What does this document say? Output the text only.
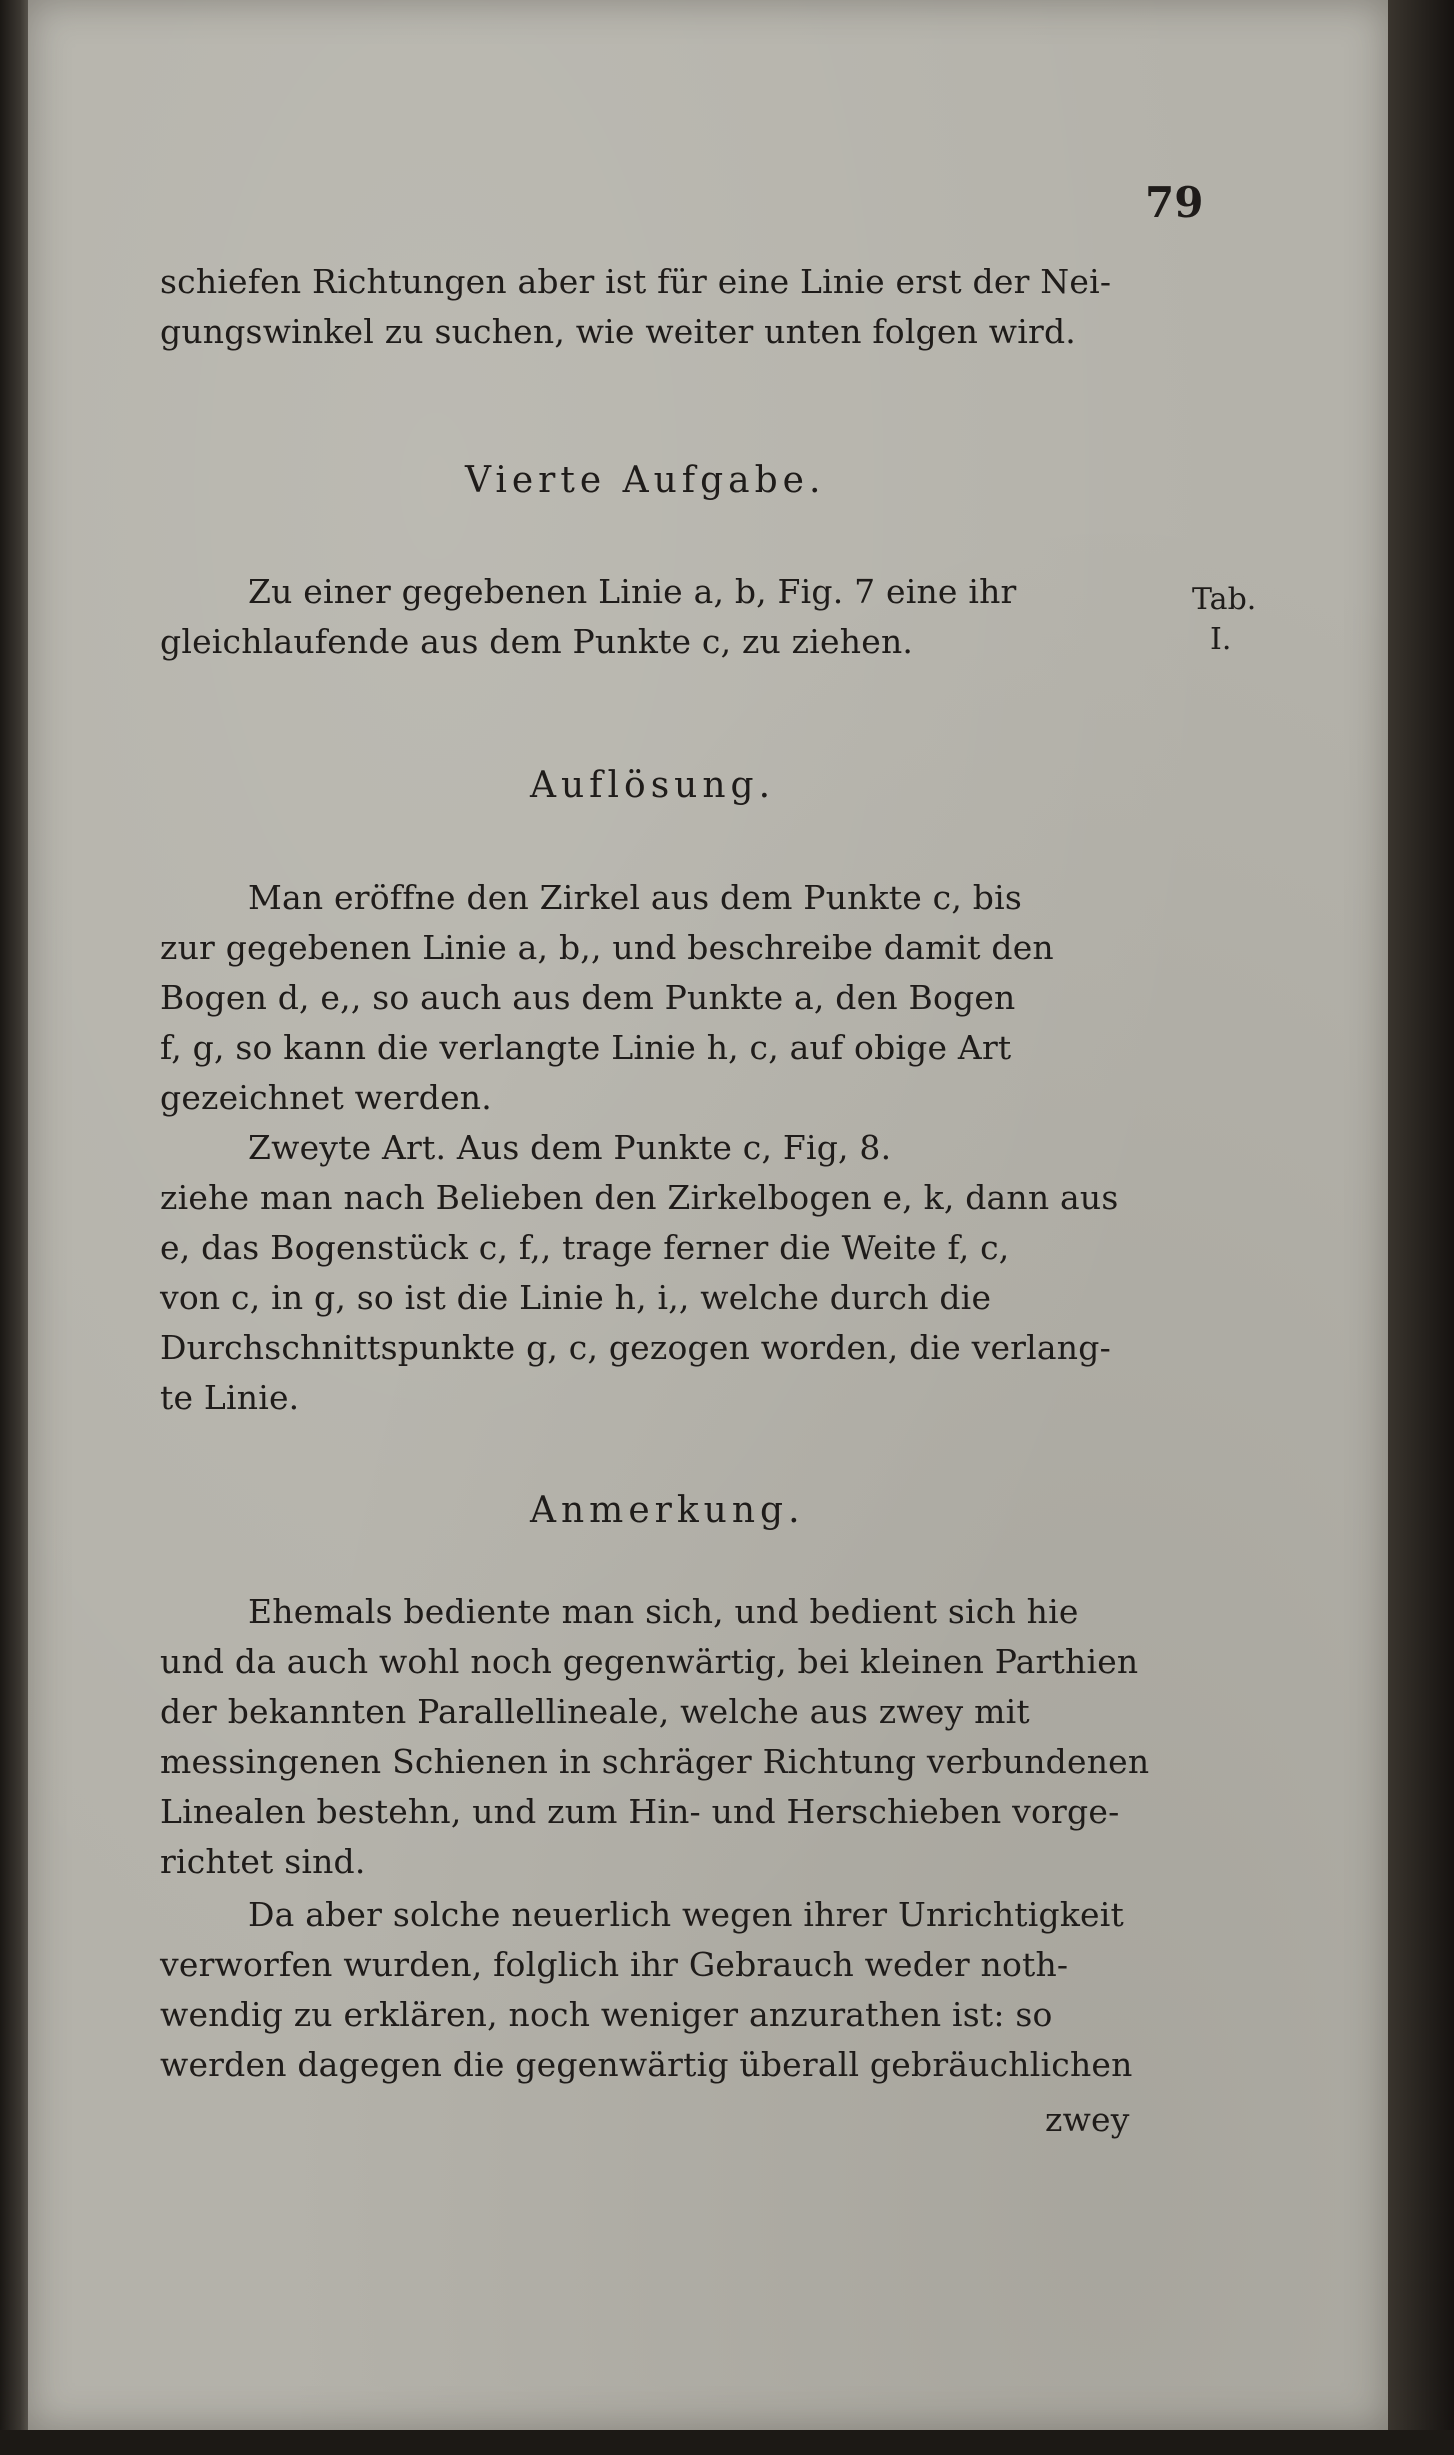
79

schiefen Richtungen aber ist für eine Linie erst der Nei-

gungswinkel zu suchen, wie weiter unten folgen wird.

Vierte Aufgabe.

Zu einer gegebenen Linie a, b, Fig. 7 eine ihr

gleichlaufende aus dem Punkte c, zu ziehen.

Tab.

I.

Auflösung.

Man eröffne den Zirkel aus dem Punkte c, bis

zur gegebenen Linie a, b,, und beschreibe damit den

Bogen d, e,, so auch aus dem Punkte a, den Bogen

f, g, so kann die verlangte Linie h, c, auf obige Art

gezeichnet werden.

Zweyte Art. Aus dem Punkte c, Fig, 8.

ziehe man nach Belieben den Zirkelbogen e, k, dann aus

e, das Bogenstück c, f,, trage ferner die Weite f, c,

von c, in g, so ist die Linie h, i,, welche durch die

Durchschnittspunkte g, c, gezogen worden, die verlang-

te Linie.

Anmerkung.

Ehemals bediente man sich, und bedient sich hie

und da auch wohl noch gegenwärtig, bei kleinen Parthien

der bekannten Parallellineale, welche aus zwey mit

messingenen Schienen in schräger Richtung verbundenen

Linealen bestehn, und zum Hin- und Herschieben vorge-

richtet sind.

Da aber solche neuerlich wegen ihrer Unrichtigkeit

verworfen wurden, folglich ihr Gebrauch weder noth-

wendig zu erklären, noch weniger anzurathen ist: so

werden dagegen die gegenwärtig überall gebräuchlichen

zwey
